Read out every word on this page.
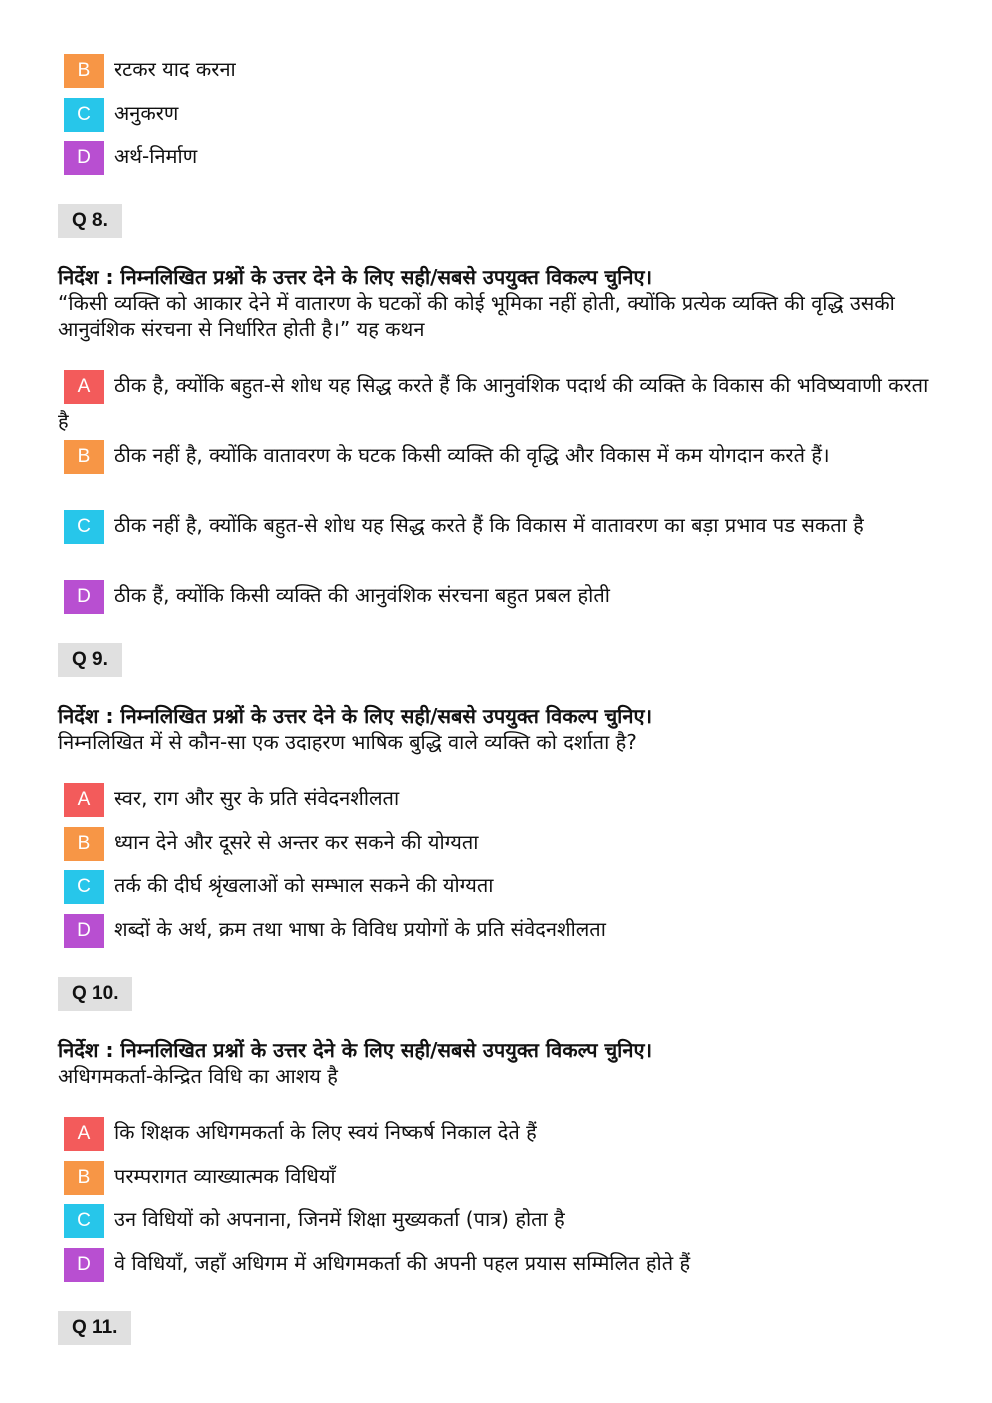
B रटकर याद करना
C अनुकरण
D अर्थ-निर्माण
Q 8.
निर्देश : निम्नलिखित प्रश्नों के उत्तर देने के लिए सही/सबसे उपयुक्त विकल्प चुनिए।
“किसी व्यक्ति को आकार देने में वातारण के घटकों की कोई भूमिका नहीं होती, क्योंकि प्रत्येक व्यक्ति की वृद्धि उसकी आनुवंशिक संरचना से निर्धारित होती है।” यह कथन
A ठीक है, क्योंकि बहुत-से शोध यह सिद्ध करते हैं कि आनुवंशिक पदार्थ की व्यक्ति के विकास की भविष्यवाणी करता है
B ठीक नहीं है, क्योंकि वातावरण के घटक किसी व्यक्ति की वृद्धि और विकास में कम योगदान करते हैं।
C ठीक नहीं है, क्योंकि बहुत-से शोध यह सिद्ध करते हैं कि विकास में वातावरण का बड़ा प्रभाव पड सकता है
D ठीक हैं, क्योंकि किसी व्यक्ति की आनुवंशिक संरचना बहुत प्रबल होती
Q 9.
निर्देश : निम्नलिखित प्रश्नों के उत्तर देने के लिए सही/सबसे उपयुक्त विकल्प चुनिए।
निम्नलिखित में से कौन-सा एक उदाहरण भाषिक बुद्धि वाले व्यक्ति को दर्शाता है?
A स्वर, राग और सुर के प्रति संवेदनशीलता
B ध्यान देने और दूसरे से अन्तर कर सकने की योग्यता
C तर्क की दीर्घ श्रृंखलाओं को सम्भाल सकने की योग्यता
D शब्दों के अर्थ, क्रम तथा भाषा के विविध प्रयोगों के प्रति संवेदनशीलता
Q 10.
निर्देश : निम्नलिखित प्रश्नों के उत्तर देने के लिए सही/सबसे उपयुक्त विकल्प चुनिए।
अधिगमकर्ता-केन्द्रित विधि का आशय है
A कि शिक्षक अधिगमकर्ता के लिए स्वयं निष्कर्ष निकाल देते हैं
B परम्परागत व्याख्यात्मक विधियाँ
C उन विधियों को अपनाना, जिनमें शिक्षा मुख्यकर्ता (पात्र) होता है
D वे विधियाँ, जहाँ अधिगम में अधिगमकर्ता की अपनी पहल प्रयास सम्मिलित होते हैं
Q 11.
